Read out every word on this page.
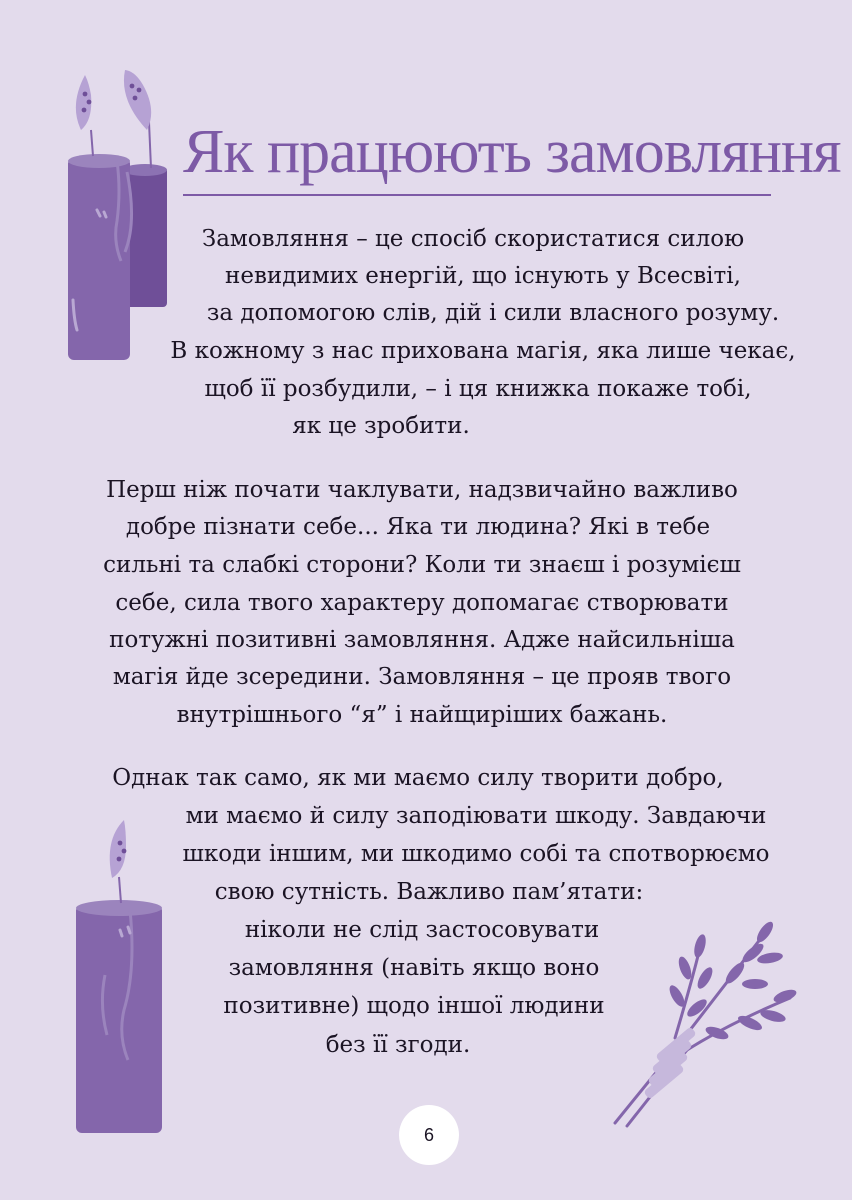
Як працюють замовляння
Замовляння – це спосіб скористатися силою
невидимих енергій, що існують у Всесвіті,
за допомогою слів, дій і сили власного розуму.
В кожному з нас прихована магія, яка лише чекає,
щоб її розбудили, – і ця книжка покаже тобі,
як це зробити.
Перш ніж почати чаклувати, надзвичайно важливо
добре пізнати себе... Яка ти людина? Які в тебе
сильні та слабкі сторони? Коли ти знаєш і розумієш
себе, сила твого характеру допомагає створювати
потужні позитивні замовляння. Адже найсильніша
магія йде зсередини. Замовляння – це прояв твого
внутрішнього “я” і найщиріших бажань.
Однак так само, як ми маємо силу творити добро,
ми маємо й силу заподіювати шкоду. Завдаючи
шкоди іншим, ми шкодимо собі та спотворюємо
свою сутність. Важливо пам’ятати:
ніколи не слід застосовувати
замовляння (навіть якщо воно
позитивне) щодо іншої людини
без її згоди.
6
